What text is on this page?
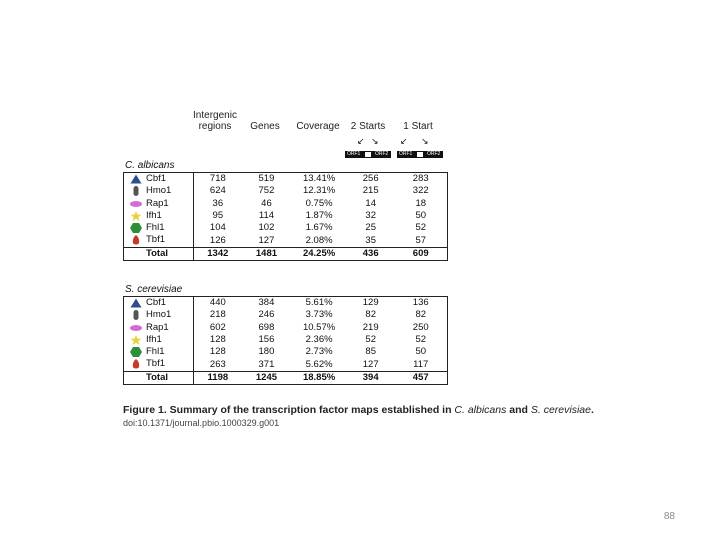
Intergenic regions	Genes	Coverage	2 Starts	1 Start
↙ ↘
ORF1	ORF2
↙ ↘
ORF1	ORF2
C. albicans
Cbf1	718	519	13.41%	256	283

Hmo1	624	752	12.31%	215	322

Rap1	36	46	0.75%	14	18

Ifh1	95	114	1.87%	32	50

Fhl1	104	102	1.67%	25	52

Tbf1	126	127	2.08%	35	57

Total	1342	1481	24.25%	436	609
S. cerevisiae
Cbf1	440	384	5.61%	129	136

Hmo1	218	246	3.73%	82	82

Rap1	602	698	10.57%	219	250

Ifh1	128	156	2.36%	52	52

Fhl1	128	180	2.73%	85	50

Tbf1	263	371	5.62%	127	117

Total	1198	1245	18.85%	394	457
Figure 1. Summary of the transcription factor maps established in C. albicans and S. cerevisiae.
doi:10.1371/journal.pbio.1000329.g001
88
